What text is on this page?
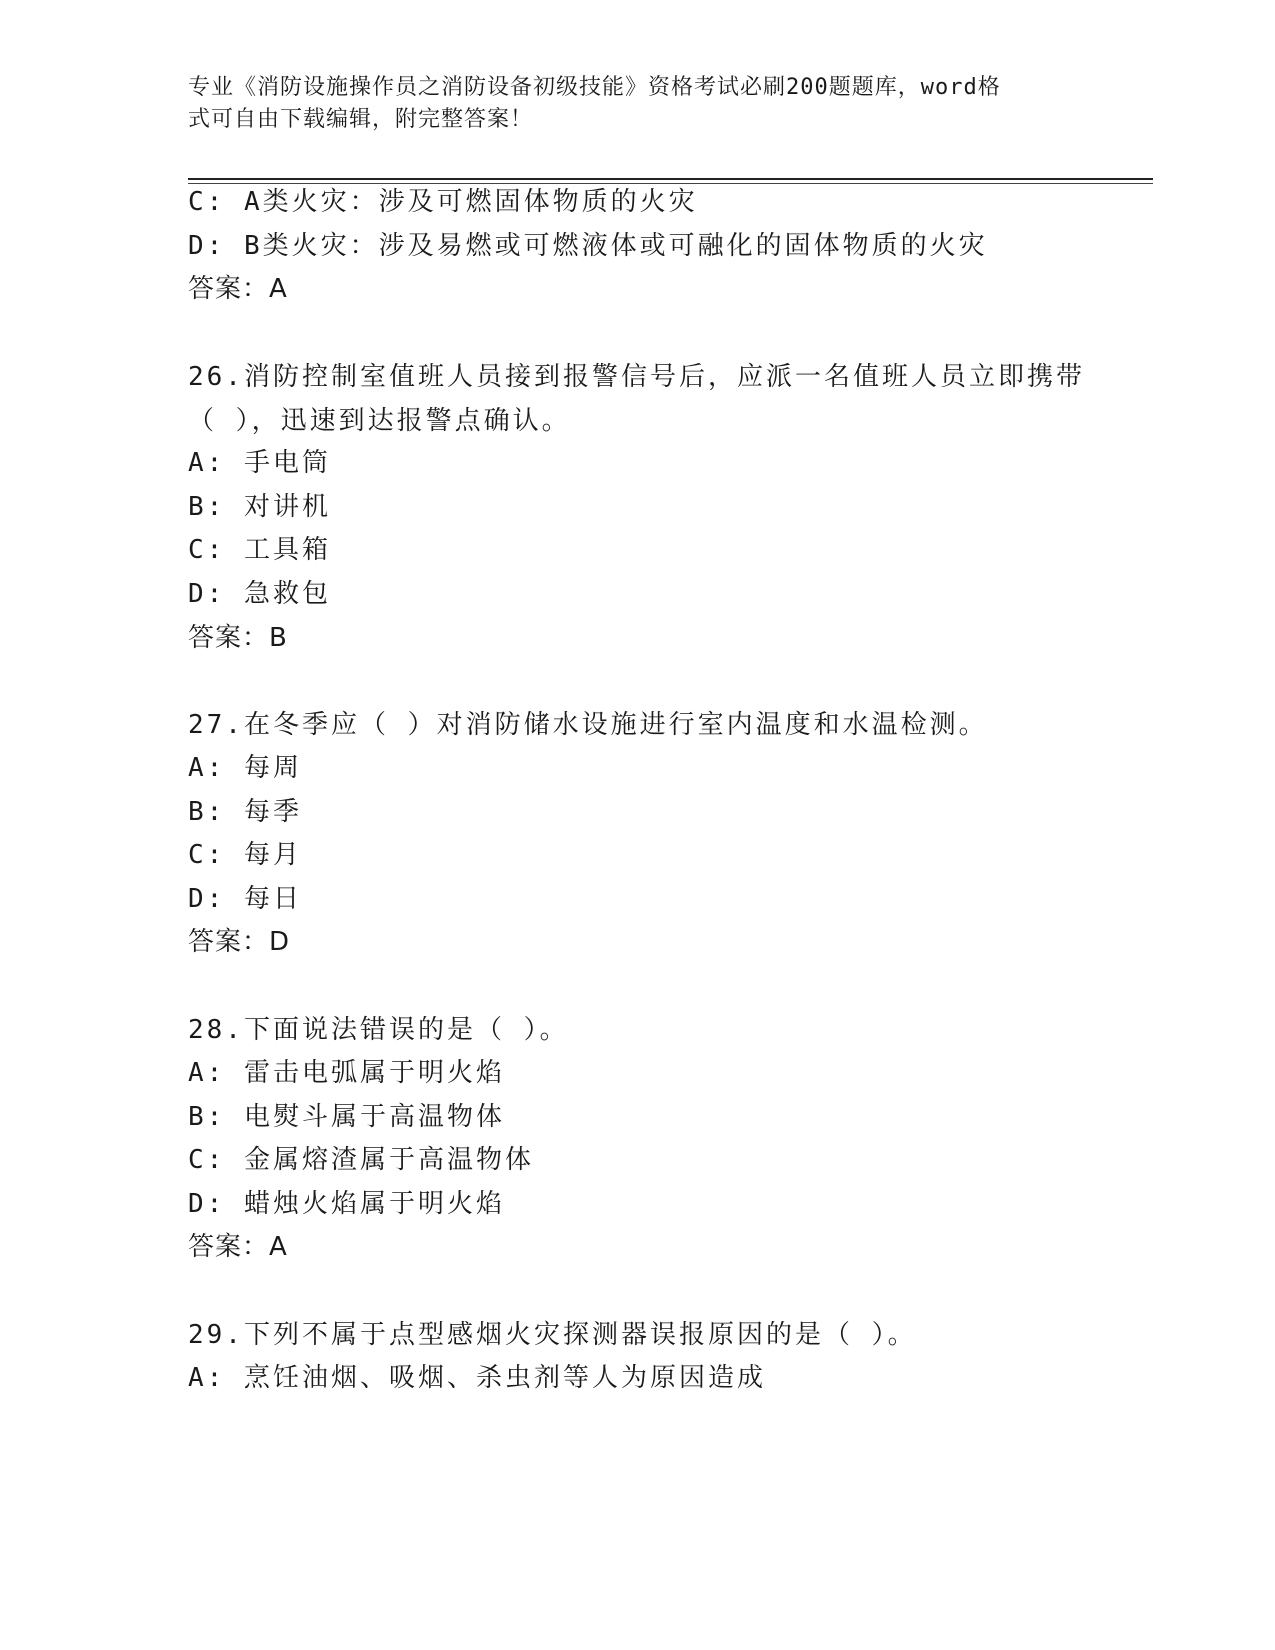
专业《消防设施操作员之消防设备初级技能》资格考试必刷200题题库，word格
式可自由下载编辑，附完整答案！
C: A类火灾：涉及可燃固体物质的火灾
D: B类火灾：涉及易燃或可燃液体或可融化的固体物质的火灾
答案：A
26.消防控制室值班人员接到报警信号后，应派一名值班人员立即携带
（ ），迅速到达报警点确认。
A: 手电筒
B: 对讲机
C: 工具箱
D: 急救包
答案：B
27.在冬季应（ ）对消防储水设施进行室内温度和水温检测。
A: 每周
B: 每季
C: 每月
D: 每日
答案：D
28.下面说法错误的是（ ）。
A: 雷击电弧属于明火焰
B: 电熨斗属于高温物体
C: 金属熔渣属于高温物体
D: 蜡烛火焰属于明火焰
答案：A
29.下列不属于点型感烟火灾探测器误报原因的是（ ）。
A: 烹饪油烟、吸烟、杀虫剂等人为原因造成
